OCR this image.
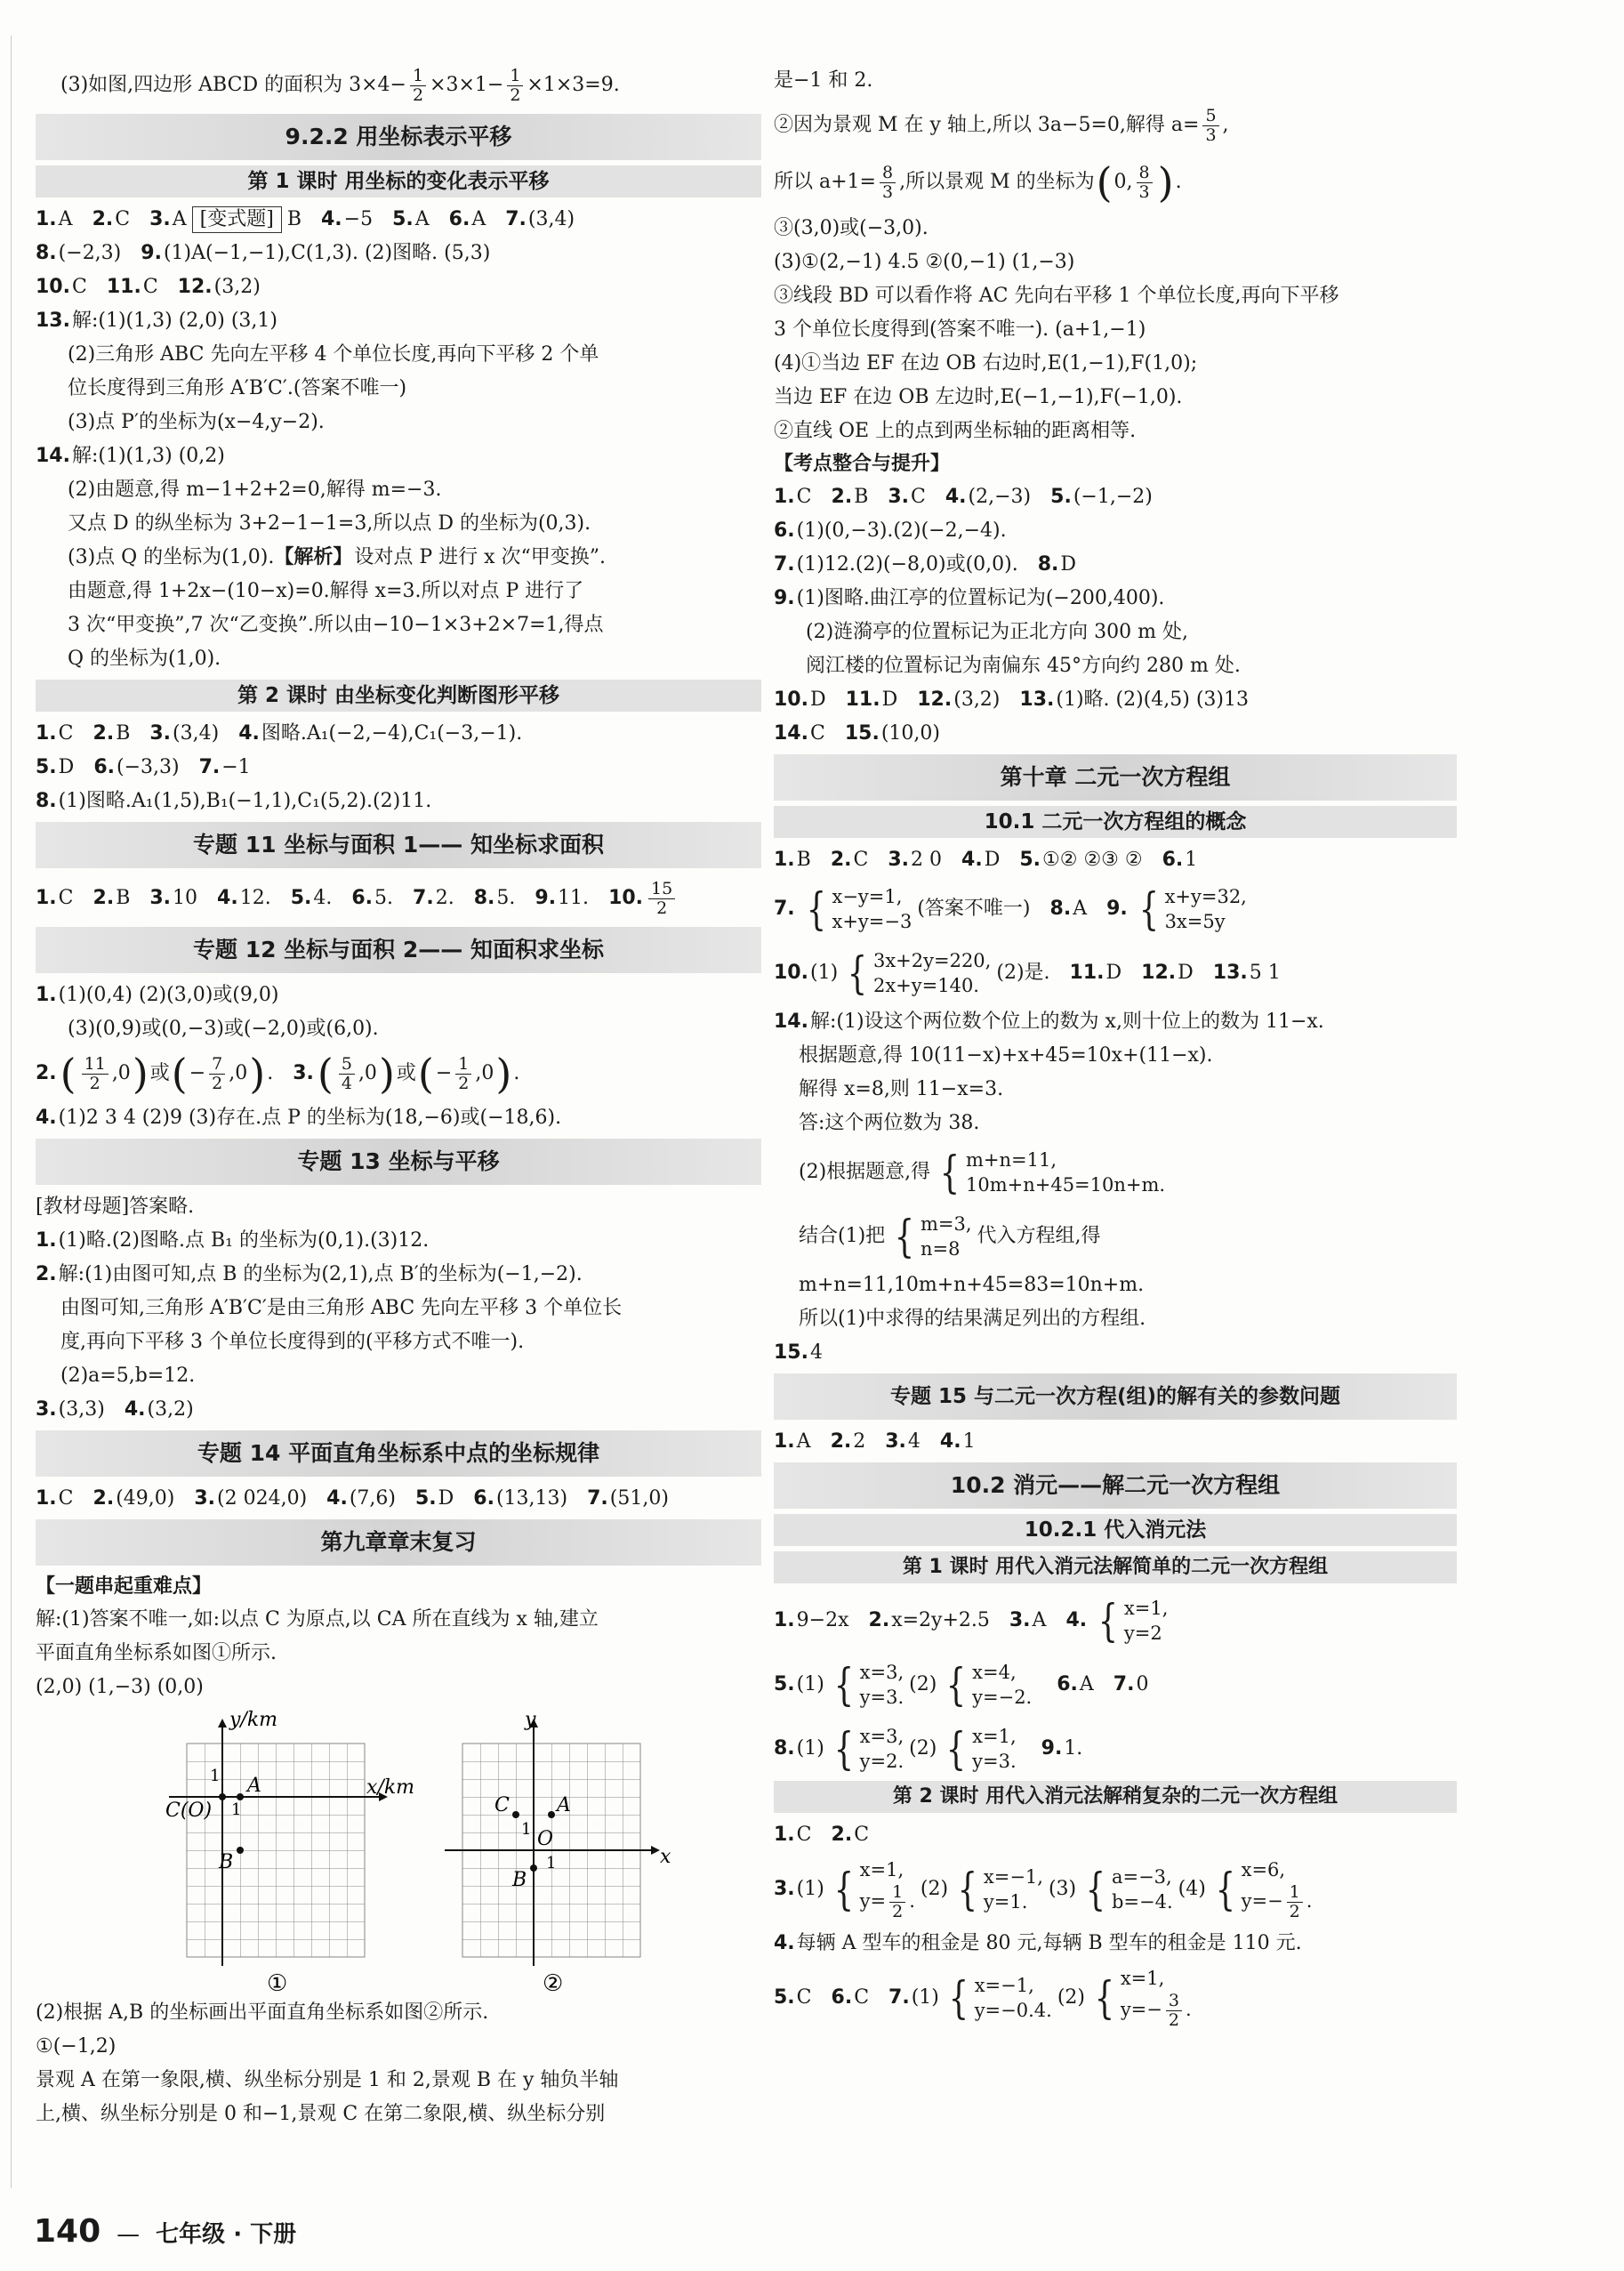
(3)如图,四边形 ABCD 的面积为 $3\times 4- \frac{1}{2} \times 3\times 1- \frac{1}{2} \times 1\times 3=9$.
9.2.2 用坐标表示平移
第 1 课时 用坐标的变化表示平移
1. A 2. C 3. A [变式题] B 4. −5 5. A 6. A 7. (3,4)
8. (−2,3) 9. (1)A(−1,−1),C(1,3). (2)图略. (5,3)
10. C 11. C 12. (3,2)
13. 解:(1)(1,3) (2,0) (3,1)
(2)三角形 ABC 先向左平移 4 个单位长度,再向下平移 2 个单
位长度得到三角形 A′B′C′.(答案不唯一)
(3)点 P′的坐标为(x−4,y−2).
14. 解:(1)(1,3) (0,2)
(2)由题意,得 m−1+2+2=0,解得 m=−3.
又点 D 的纵坐标为 3+2−1−1=3,所以点 D 的坐标为(0,3).
(3)点 Q 的坐标为(1,0). 【解析】 设对点 P 进行 x 次“甲变换”.
由题意,得 1+2x−(10−x)=0.解得 x=3.所以对点 P 进行了
3 次“甲变换”,7 次“乙变换”.所以由−10−1×3+2×7=1,得点
Q 的坐标为(1,0).
第 2 课时 由坐标变化判断图形平移
1. C 2. B 3. (3,4) 4. 图略.A₁(−2,−4),C₁(−3,−1).
5. D 6. (−3,3) 7. −1
8. (1)图略.A₁(1,5),B₁(−1,1),C₁(5,2).(2)11.
专题 11 坐标与面积 1—— 知坐标求面积
1. C 2. B 3. 10 4. 12. 5. 4. 6. 5. 7. 2. 8. 5. 9. 11. 10. $\frac{15}{2}$
专题 12 坐标与面积 2—— 知面积求坐标
1. (1)(0,4) (2)(3,0)或(9,0)
(3)(0,9)或(0,−3)或(−2,0)或(6,0).
2. ( $\frac{11}{2} ,0$ ) 或 ( − $\frac{7}{2} ,0$ ) . 3. ( $\frac{5}{4} ,0$ ) 或 ( − $\frac{1}{2} ,0$ ) .
4. (1)2 3 4 (2)9 (3)存在.点 P 的坐标为(18,−6)或(−18,6).
专题 13 坐标与平移
[教材母题]答案略.
1. (1)略.(2)图略.点 B₁ 的坐标为(0,1).(3)12.
2. 解:(1)由图可知,点 B 的坐标为(2,1),点 B′的坐标为(−1,−2).
由图可知,三角形 A′B′C′是由三角形 ABC 先向左平移 3 个单位长
度,再向下平移 3 个单位长度得到的(平移方式不唯一).
(2)a=5,b=12.
3. (3,3) 4. (3,2)
专题 14 平面直角坐标系中点的坐标规律
1. C 2. (49,0) 3. (2 024,0) 4. (7,6) 5. D 6. (13,13) 7. (51,0)
第九章章末复习
【一题串起重难点】
解:(1)答案不唯一,如:以点 C 为原点,以 CA 所在直线为 x 轴,建立
平面直角坐标系如图①所示.
(2,0) (1,−3) (0,0)
y/km
x/km
C(O)
1
1
A
B
①
y
x
O
1
1
A
B
C
②
(2)根据 A,B 的坐标画出平面直角坐标系如图②所示.
①(−1,2)
景观 A 在第一象限,横、纵坐标分别是 1 和 2,景观 B 在 y 轴负半轴
上,横、纵坐标分别是 0 和−1,景观 C 在第二象限,横、纵坐标分别
是−1 和 2.
②因为景观 M 在 y 轴上,所以 3a−5=0,解得 $a= \frac{5}{3}$ ,
所以 $a+1= \frac{8}{3}$ ,所以景观 M 的坐标为 ( 0, $\frac{8}{3}$ ) .
③(3,0)或(−3,0).
(3)①(2,−1) 4.5 ②(0,−1) (1,−3)
③线段 BD 可以看作将 AC 先向右平移 1 个单位长度,再向下平移
3 个单位长度得到(答案不唯一). (a+1,−1)
(4)①当边 EF 在边 OB 右边时,E(1,−1),F(1,0);
当边 EF 在边 OB 左边时,E(−1,−1),F(−1,0).
②直线 OE 上的点到两坐标轴的距离相等.
【考点整合与提升】
1. C 2. B 3. C 4. (2,−3) 5. (−1,−2)
6. (1)(0,−3).(2)(−2,−4).
7. (1)12.(2)(−8,0)或(0,0). 8. D
9. (1)图略.曲江亭的位置标记为(−200,400).
(2)涟漪亭的位置标记为正北方向 300 m 处,
阅江楼的位置标记为南偏东 45°方向约 280 m 处.
10. D 11. D 12. (3,2) 13. (1)略. (2)(4,5) (3)13
14. C 15. (10,0)
第十章 二元一次方程组
10.1 二元一次方程组的概念
1. B 2. C 3. 2 0 4. D 5. ①② ②③ ② 6. 1
7. { x−y=1,
x+y=−3
(答案不唯一) 8. A 9. { x+y=32,
3x=5y
10. (1) { 3x+2y=220,
2x+y=140.
(2)是. 11. D 12. D 13. 5 1
14. 解:(1)设这个两位数个位上的数为 x,则十位上的数为 11−x.
根据题意,得 10(11−x)+x+45=10x+(11−x).
解得 x=8,则 11−x=3.
答:这个两位数为 38.
(2)根据题意,得 { m+n=11,
10m+n+45=10n+m.
结合(1)把 { m=3,
n=8
代入方程组,得
m+n=11,10m+n+45=83=10n+m.
所以(1)中求得的结果满足列出的方程组.
15. 4
专题 15 与二元一次方程(组)的解有关的参数问题
1. A 2. 2 3. 4 4. 1
10.2 消元——解二元一次方程组
10.2.1 代入消元法
第 1 课时 用代入消元法解简单的二元一次方程组
1. 9−2x 2. x=2y+2.5 3. A 4. { x=1,
y=2
5. (1) { x=3,
y=3.
(2) { x=4,
y=−2.
6. A 7. 0
8. (1) { x=3,
y=2.
(2) { x=1,
y=3.
9. 1.
第 2 课时 用代入消元法解稍复杂的二元一次方程组
1. C 2. C
3. (1) { x=1,
$y= \frac{1}{2}$ .
(2) { x=−1,
y=1.
(3) { a=−3,
b=−4.
(4) { x=6,
$y=- \frac{1}{2}$ .
4. 每辆 A 型车的租金是 80 元,每辆 B 型车的租金是 110 元.
5. C 6. C 7. (1) { x=−1,
y=−0.4.
(2) { x=1,
$y=- \frac{3}{2}$ .
140 — 七年级 · 下册
